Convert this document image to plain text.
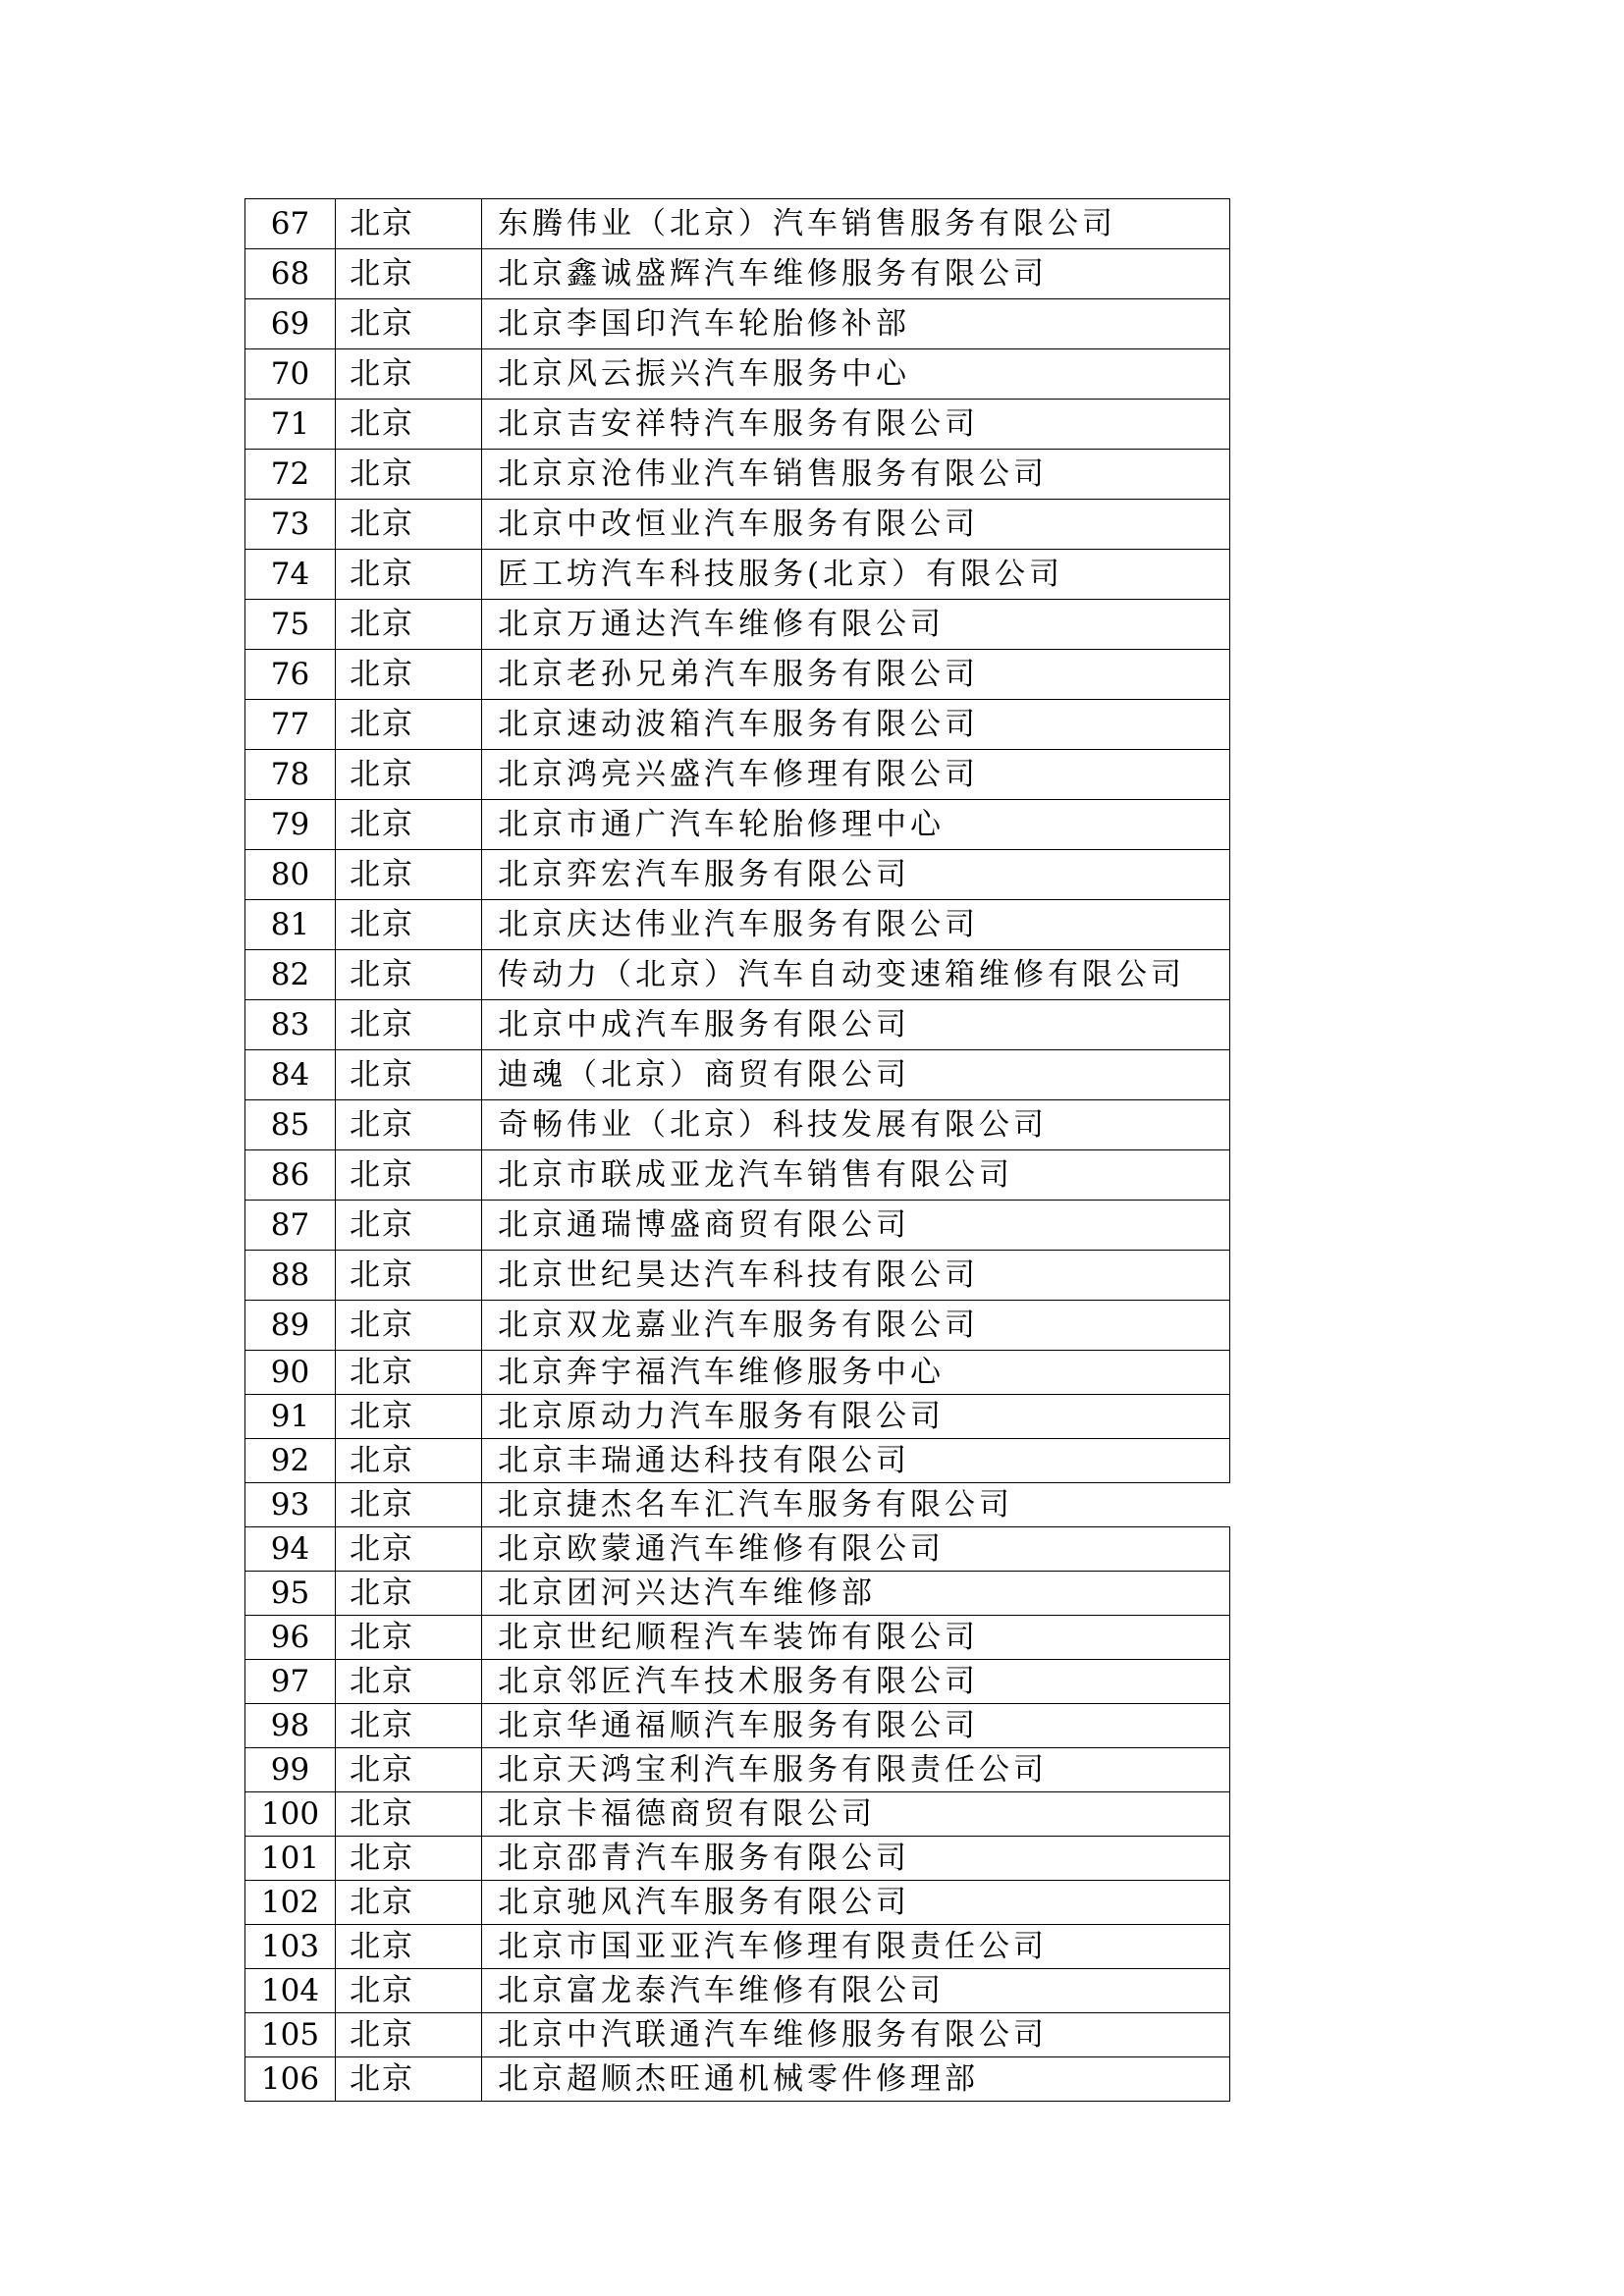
67	北京	东腾伟业（北京）汽车销售服务有限公司
68	北京	北京鑫诚盛辉汽车维修服务有限公司
69	北京	北京李国印汽车轮胎修补部
70	北京	北京风云振兴汽车服务中心
71	北京	北京吉安祥特汽车服务有限公司
72	北京	北京京沧伟业汽车销售服务有限公司
73	北京	北京中改恒业汽车服务有限公司
74	北京	匠工坊汽车科技服务(北京）有限公司
75	北京	北京万通达汽车维修有限公司
76	北京	北京老孙兄弟汽车服务有限公司
77	北京	北京速动波箱汽车服务有限公司
78	北京	北京鸿亮兴盛汽车修理有限公司
79	北京	北京市通广汽车轮胎修理中心
80	北京	北京弈宏汽车服务有限公司
81	北京	北京庆达伟业汽车服务有限公司
82	北京	传动力（北京）汽车自动变速箱维修有限公司
83	北京	北京中成汽车服务有限公司
84	北京	迪魂（北京）商贸有限公司
85	北京	奇畅伟业（北京）科技发展有限公司
86	北京	北京市联成亚龙汽车销售有限公司
87	北京	北京通瑞博盛商贸有限公司
88	北京	北京世纪昊达汽车科技有限公司
89	北京	北京双龙嘉业汽车服务有限公司
90	北京	北京奔宇福汽车维修服务中心
91	北京	北京原动力汽车服务有限公司
92	北京	北京丰瑞通达科技有限公司
93	北京	北京捷杰名车汇汽车服务有限公司
94	北京	北京欧蒙通汽车维修有限公司
95	北京	北京团河兴达汽车维修部
96	北京	北京世纪顺程汽车装饰有限公司
97	北京	北京邻匠汽车技术服务有限公司
98	北京	北京华通福顺汽车服务有限公司
99	北京	北京天鸿宝利汽车服务有限责任公司
100	北京	北京卡福德商贸有限公司
101	北京	北京邵青汽车服务有限公司
102	北京	北京驰风汽车服务有限公司
103	北京	北京市国亚亚汽车修理有限责任公司
104	北京	北京富龙泰汽车维修有限公司
105	北京	北京中汽联通汽车维修服务有限公司
106	北京	北京超顺杰旺通机械零件修理部
